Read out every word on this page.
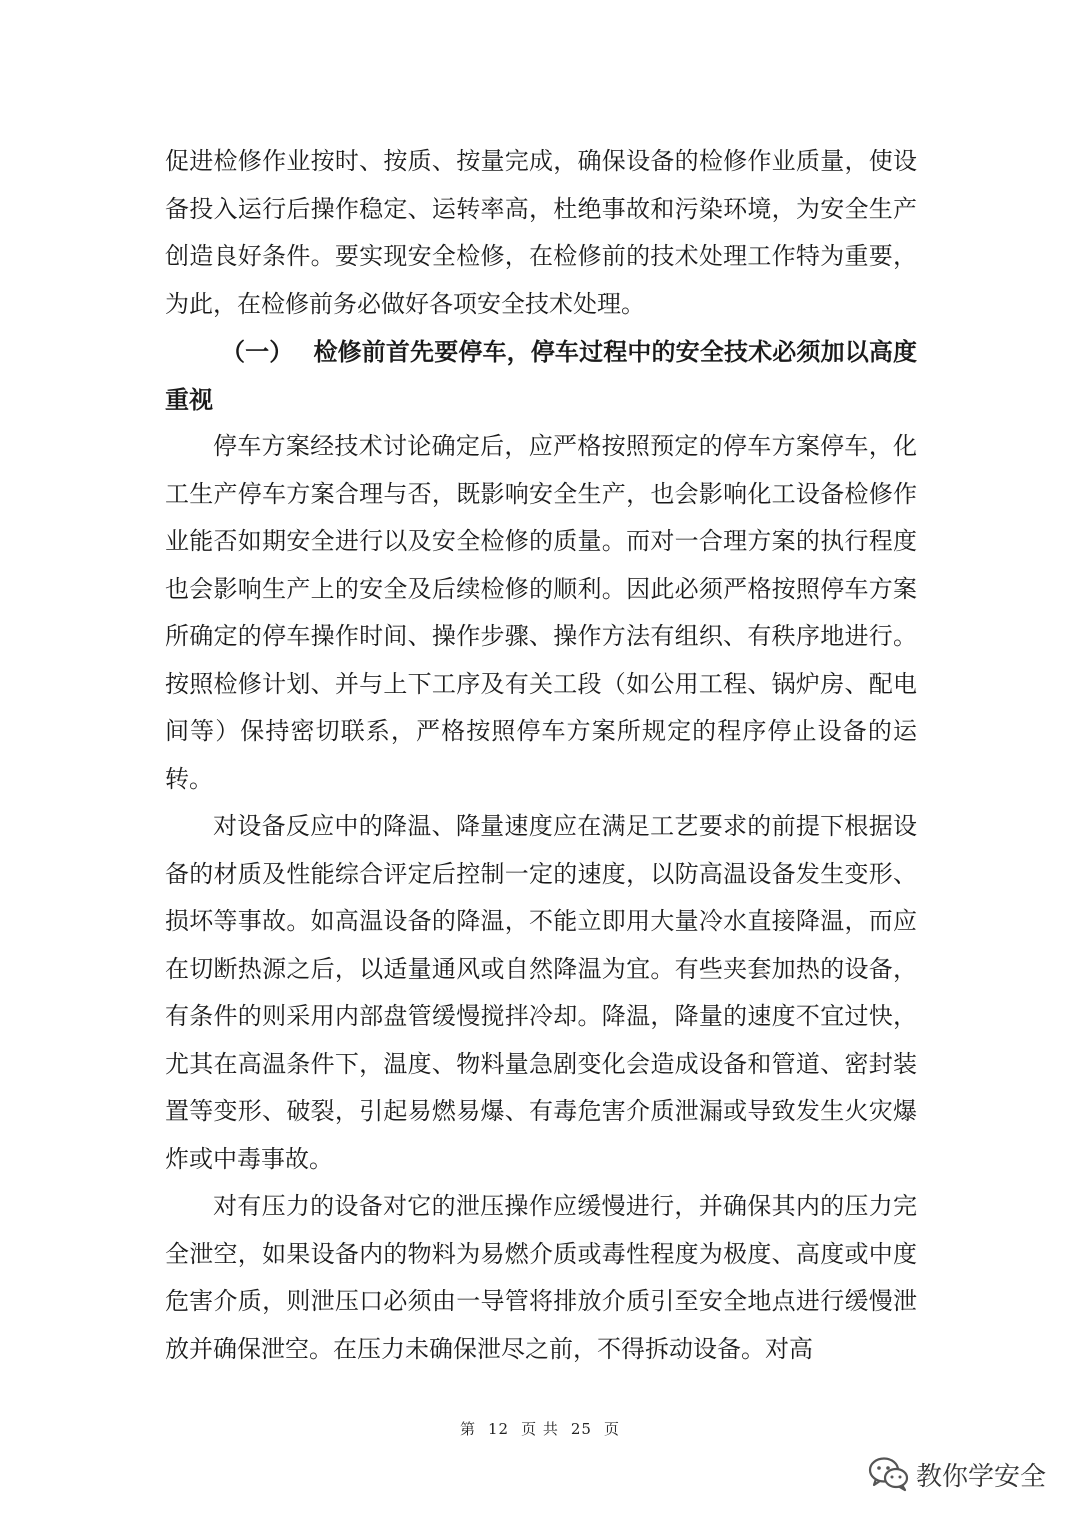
促进检修作业按时、按质、按量完成，确保设备的检修作业质量，使设备投入运行后操作稳定、运转率高，杜绝事故和污染环境，为安全生产创造良好条件。要实现安全检修，在检修前的技术处理工作特为重要，为此，在检修前务必做好各项安全技术处理。

（一） 检修前首先要停车，停车过程中的安全技术必须加以高度重视

停车方案经技术讨论确定后，应严格按照预定的停车方案停车，化工生产停车方案合理与否，既影响安全生产，也会影响化工设备检修作业能否如期安全进行以及安全检修的质量。而对一合理方案的执行程度也会影响生产上的安全及后续检修的顺利。因此必须严格按照停车方案所确定的停车操作时间、操作步骤、操作方法有组织、有秩序地进行。按照检修计划、并与上下工序及有关工段（如公用工程、锅炉房、配电间等）保持密切联系，严格按照停车方案所规定的程序停止设备的运转。

对设备反应中的降温、降量速度应在满足工艺要求的前提下根据设备的材质及性能综合评定后控制一定的速度，以防高温设备发生变形、损坏等事故。如高温设备的降温，不能立即用大量冷水直接降温，而应在切断热源之后，以适量通风或自然降温为宜。有些夹套加热的设备，有条件的则采用内部盘管缓慢搅拌冷却。降温，降量的速度不宜过快，尤其在高温条件下，温度、物料量急剧变化会造成设备和管道、密封装置等变形、破裂，引起易燃易爆、有毒危害介质泄漏或导致发生火灾爆炸或中毒事故。

对有压力的设备对它的泄压操作应缓慢进行，并确保其内的压力完全泄空，如果设备内的物料为易燃介质或毒性程度为极度、高度或中度危害介质，则泄压口必须由一导管将排放介质引至安全地点进行缓慢泄放并确保泄空。在压力未确保泄尽之前，不得拆动设备。对高

第 12 页 共 25 页
教你学安全
